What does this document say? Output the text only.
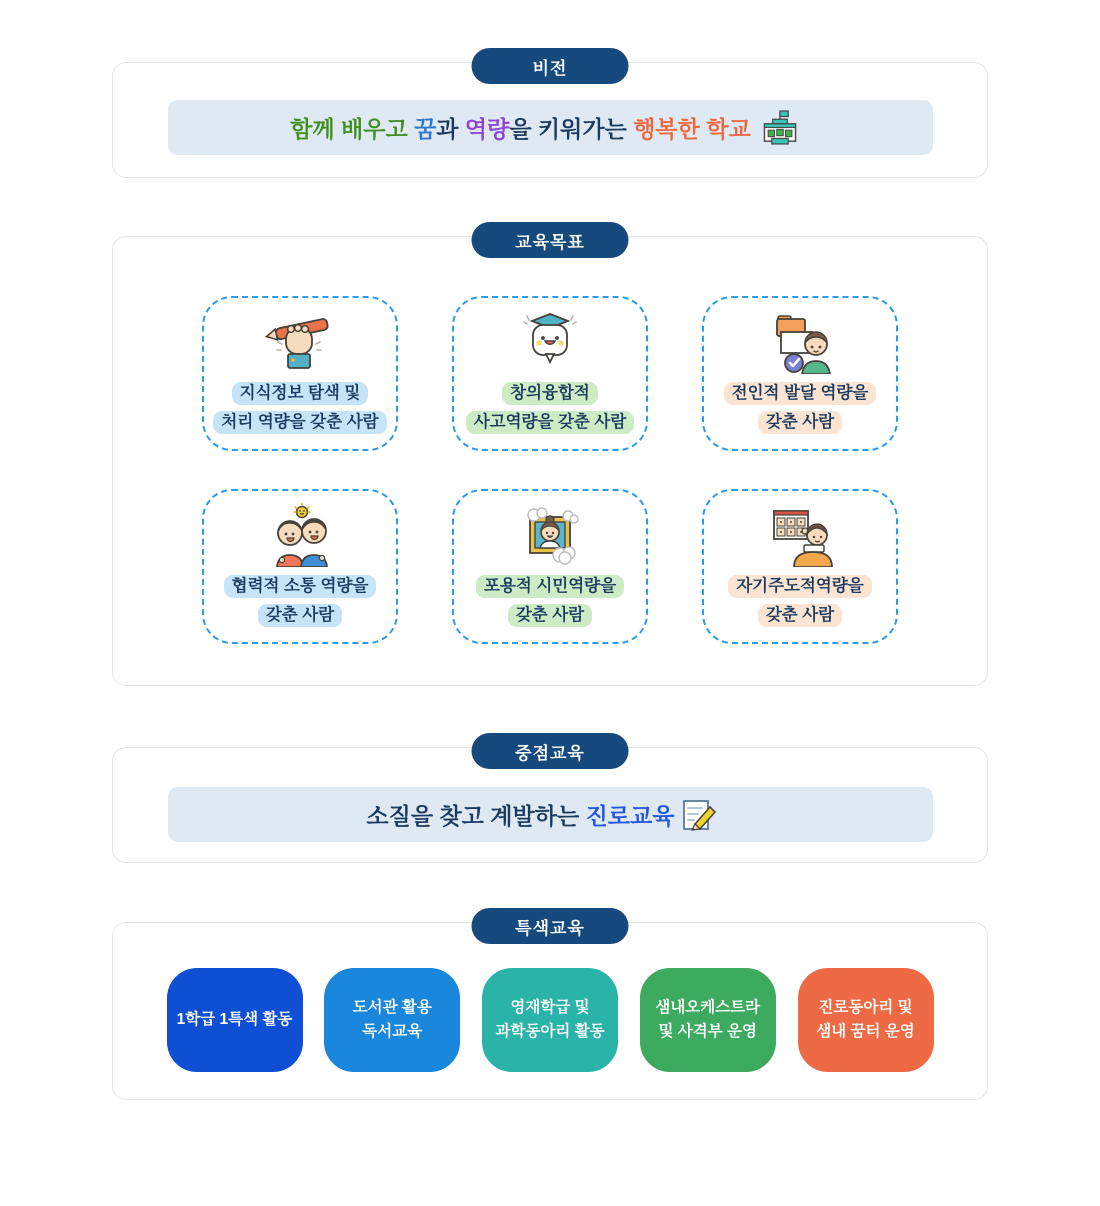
비전
함께 배우고 꿈과 역량을 키워가는 행복한 학교

교육목표
지식정보 탐색 및
처리 역량을 갖춘 사람
창의융합적
사고역량을 갖춘 사람
전인적 발달 역량을
갖춘 사람
협력적 소통 역량을
갖춘 사람
포용적 시민역량을
갖춘 사람
자기주도적역량을
갖춘 사람
중점교육
소질을 찾고 계발하는 진로교육

특색교육
1학급 1특색 활동
도서관 활용
독서교육
영재학급 및
과학동아리 활동
샘내오케스트라
및 사격부 운영
진로동아리 및
샘내 꿈터 운영
